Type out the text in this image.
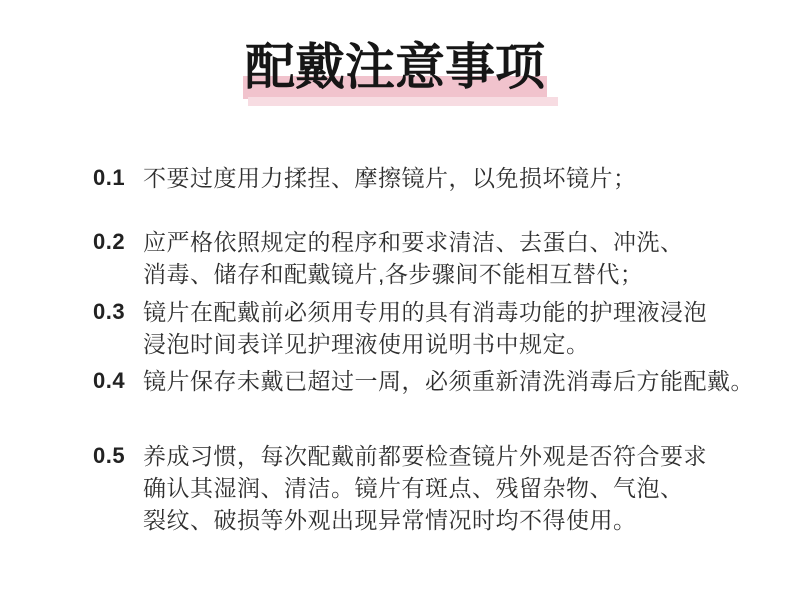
配戴注意事项
0.1 不要过度用力揉捏、摩擦镜片，以免损坏镜片；
0.2 应严格依照规定的程序和要求清洁、去蛋白、冲洗、
消毒、储存和配戴镜片,各步骤间不能相互替代；
0.3 镜片在配戴前必须用专用的具有消毒功能的护理液浸泡
浸泡时间表详见护理液使用说明书中规定。
0.4 镜片保存未戴已超过一周，必须重新清洗消毒后方能配戴。
0.5 养成习惯，每次配戴前都要检查镜片外观是否符合要求
确认其湿润、清洁。镜片有斑点、残留杂物、气泡、
裂纹、破损等外观出现异常情况时均不得使用。
